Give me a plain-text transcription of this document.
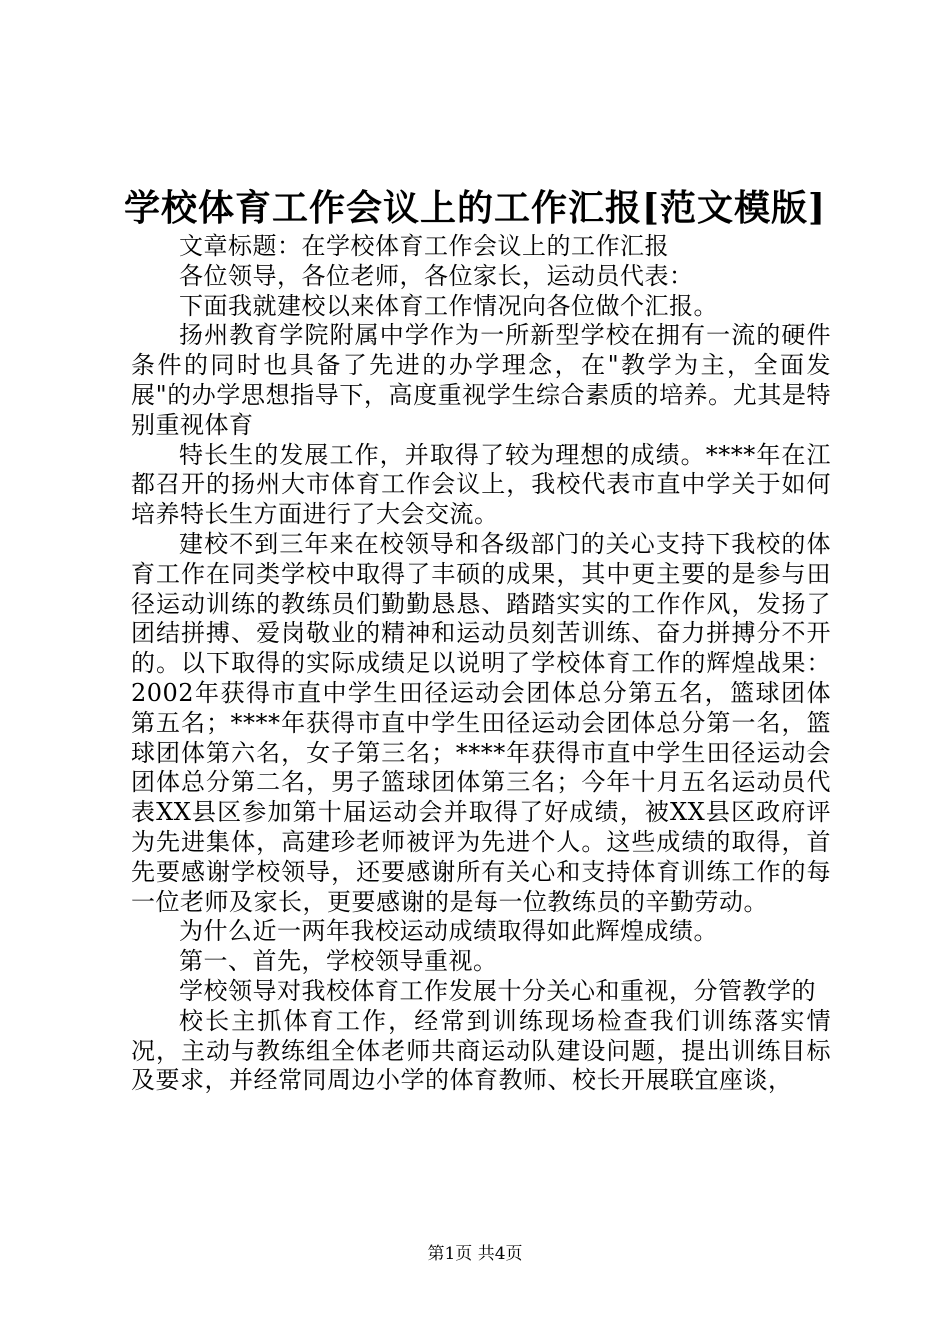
学校体育工作会议上的工作汇报[范文模版]

文章标题：在学校体育工作会议上的工作汇报

各位领导，各位老师，各位家长，运动员代表：

下面我就建校以来体育工作情况向各位做个汇报。

扬州教育学院附属中学作为一所新型学校在拥有一流的硬件条件的同时也具备了先进的办学理念，在"教学为主，全面发展"的办学思想指导下，高度重视学生综合素质的培养。尤其是特别重视体育

特长生的发展工作，并取得了较为理想的成绩。****年在江都召开的扬州大市体育工作会议上，我校代表市直中学关于如何培养特长生方面进行了大会交流。

建校不到三年来在校领导和各级部门的关心支持下我校的体育工作在同类学校中取得了丰硕的成果，其中更主要的是参与田径运动训练的教练员们勤勤恳恳、踏踏实实的工作作风，发扬了团结拼搏、爱岗敬业的精神和运动员刻苦训练、奋力拼搏分不开的。以下取得的实际成绩足以说明了学校体育工作的辉煌战果：2002年获得市直中学生田径运动会团体总分第五名，篮球团体第五名；****年获得市直中学生田径运动会团体总分第一名，篮球团体第六名，女子第三名；****年获得市直中学生田径运动会团体总分第二名，男子篮球团体第三名；今年十月五名运动员代表XX县区参加第十届运动会并取得了好成绩，被XX县区政府评为先进集体，高建珍老师被评为先进个人。这些成绩的取得，首先要感谢学校领导，还要感谢所有关心和支持体育训练工作的每一位老师及家长，更要感谢的是每一位教练员的辛勤劳动。

为什么近一两年我校运动成绩取得如此辉煌成绩。

第一、首先，学校领导重视。

学校领导对我校体育工作发展十分关心和重视，分管教学的

校长主抓体育工作，经常到训练现场检查我们训练落实情况，主动与教练组全体老师共商运动队建设问题，提出训练目标及要求，并经常同周边小学的体育教师、校长开展联宜座谈，

第1页 共4页
